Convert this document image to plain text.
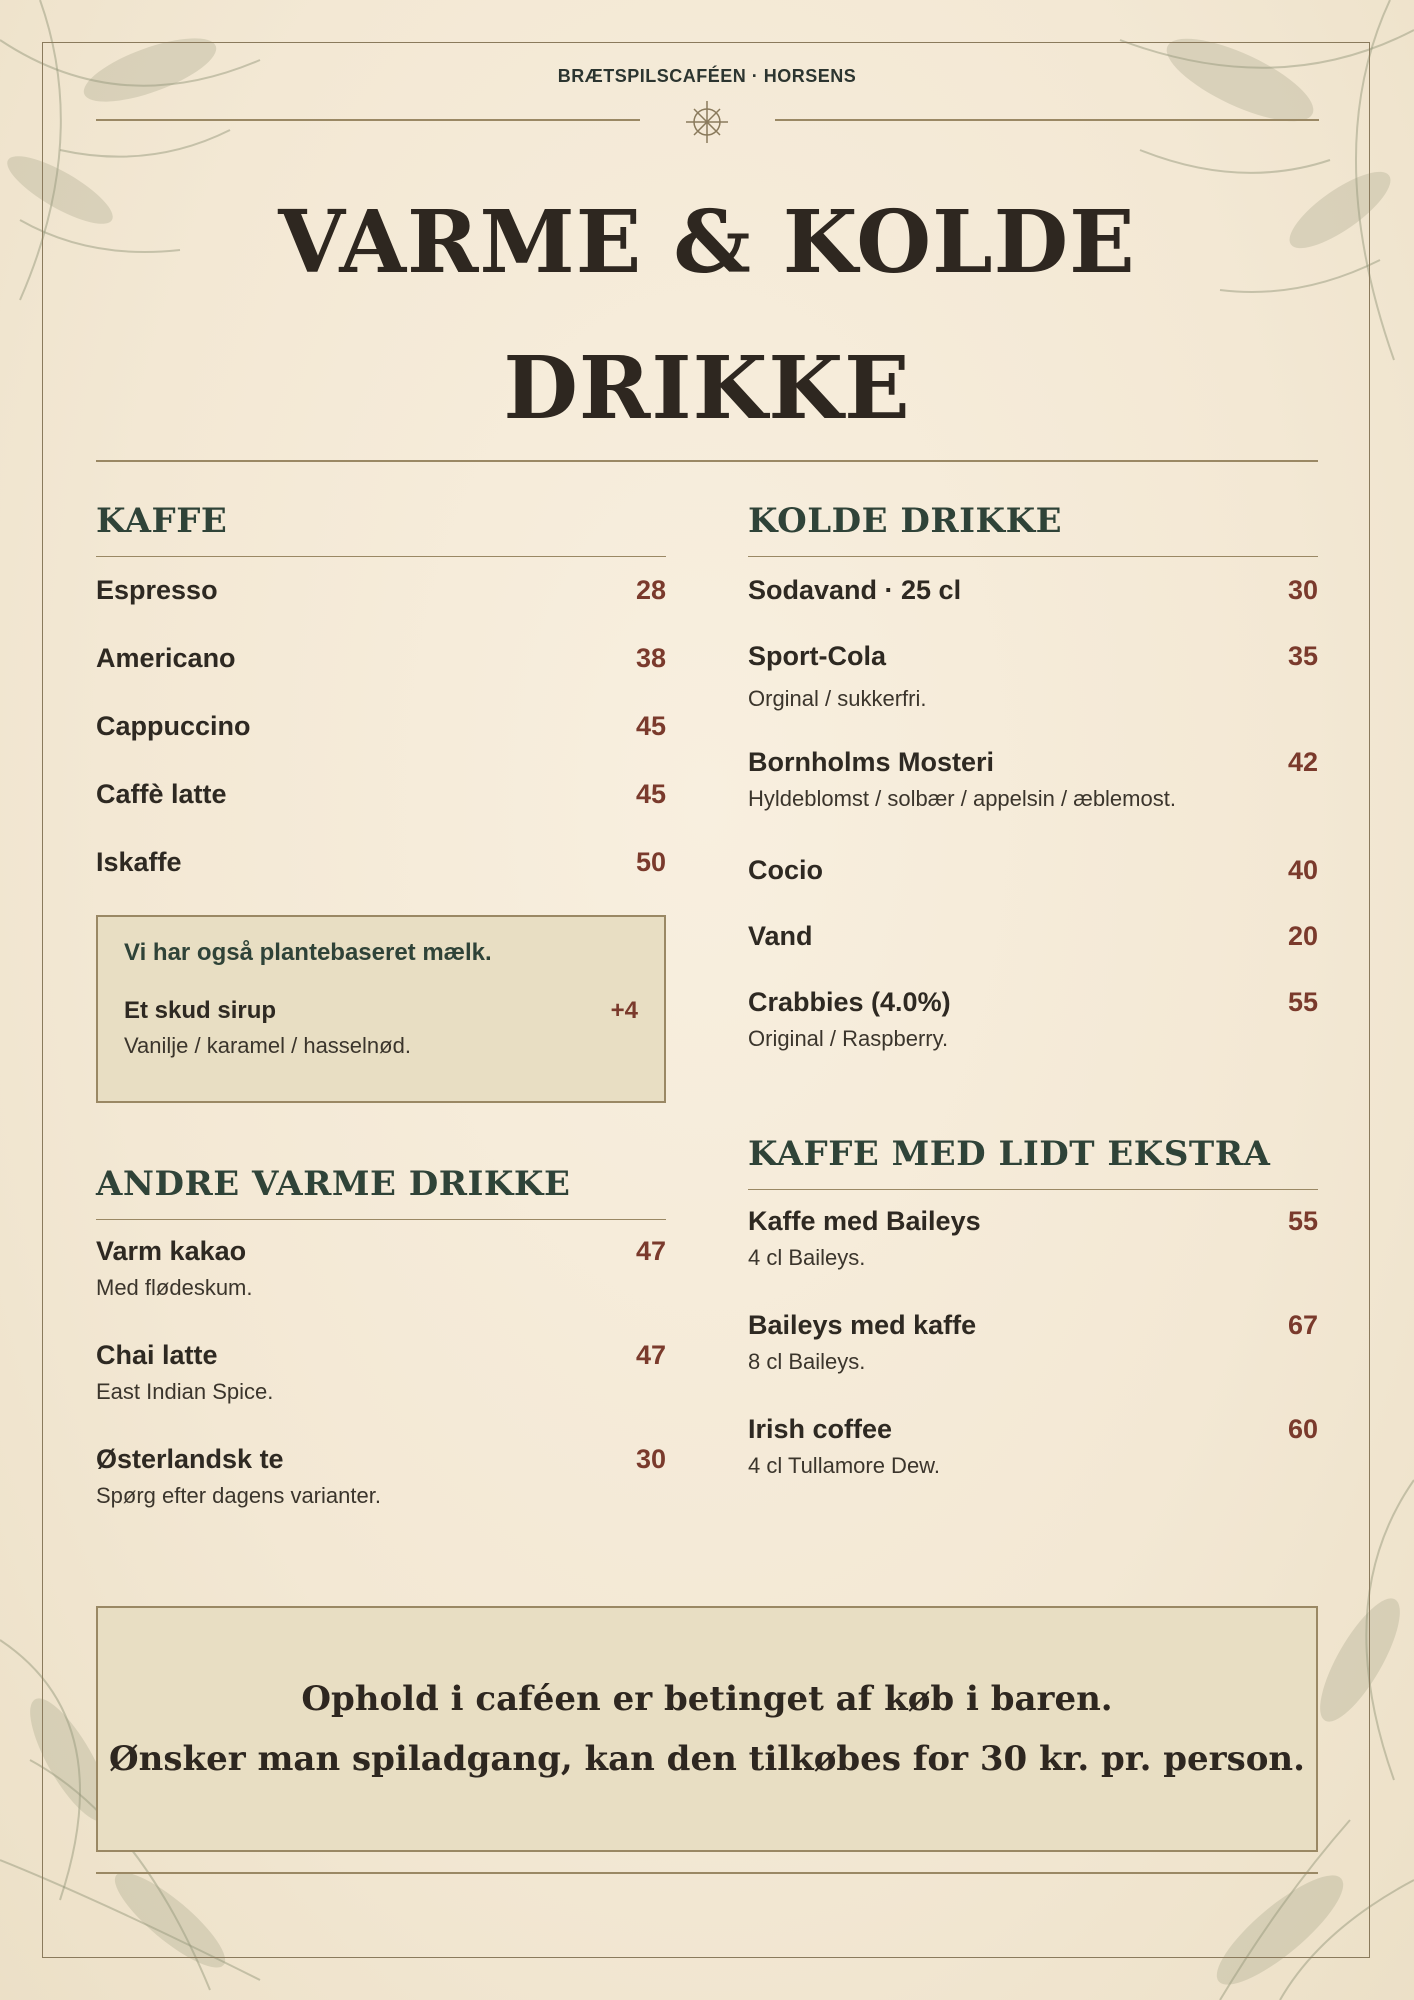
BRÆTSPILSCAFÉEN · HORSENS
VARME & KOLDE
DRIKKE
KAFFE
Espresso	28
Americano	38
Cappuccino	45
Caffè latte	45
Iskaffe	50
Vi har også plantebaseret mælk.
Et skud sirup	+4
Vanilje / karamel / hasselnød.
ANDRE VARME DRIKKE
Varm kakao	47
Med flødeskum.
Chai latte	47
East Indian Spice.
Østerlandsk te	30
Spørg efter dagens varianter.
KOLDE DRIKKE
Sodavand · 25 cl	30
Sport-Cola	35
Orginal / sukkerfri.
Bornholms Mosteri	42
Hyldeblomst / solbær / appelsin / æblemost.
Cocio	40
Vand	20
Crabbies (4.0%)	55
Original / Raspberry.
KAFFE MED LIDT EKSTRA
Kaffe med Baileys	55
4 cl Baileys.
Baileys med kaffe	67
8 cl Baileys.
Irish coffee	60
4 cl Tullamore Dew.
Ophold i caféen er betinget af køb i baren.
Ønsker man spiladgang, kan den tilkøbes for 30 kr. pr. person.
